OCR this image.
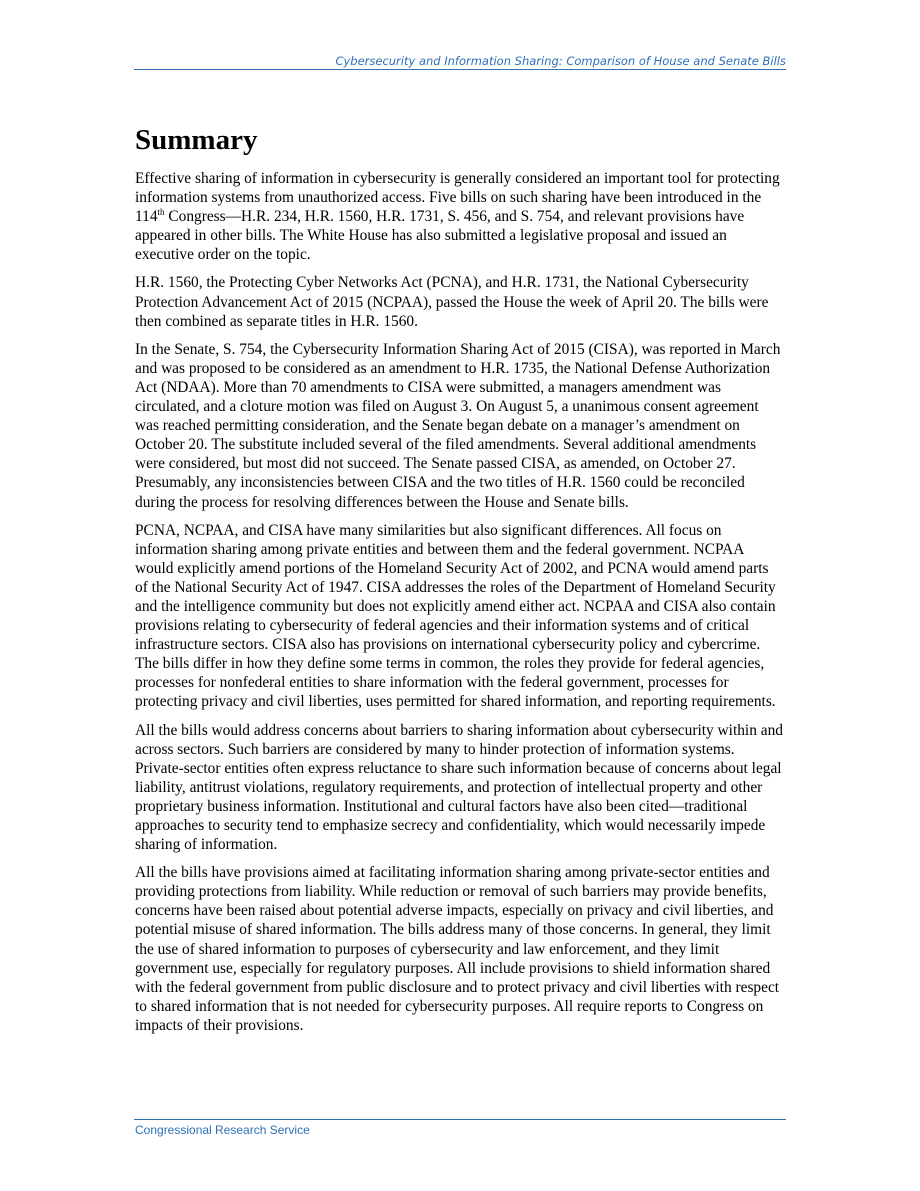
Cybersecurity and Information Sharing: Comparison of House and Senate Bills
Summary

Effective sharing of information in cybersecurity is generally considered an important tool for protecting information systems from unauthorized access. Five bills on such sharing have been introduced in the 114th Congress—H.R. 234, H.R. 1560, H.R. 1731, S. 456, and S. 754, and relevant provisions have appeared in other bills. The White House has also submitted a legislative proposal and issued an executive order on the topic.

H.R. 1560, the Protecting Cyber Networks Act (PCNA), and H.R. 1731, the National Cybersecurity Protection Advancement Act of 2015 (NCPAA), passed the House the week of April 20. The bills were then combined as separate titles in H.R. 1560.

In the Senate, S. 754, the Cybersecurity Information Sharing Act of 2015 (CISA), was reported in March and was proposed to be considered as an amendment to H.R. 1735, the National Defense Authorization Act (NDAA). More than 70 amendments to CISA were submitted, a managers amendment was circulated, and a cloture motion was filed on August 3. On August 5, a unanimous consent agreement was reached permitting consideration, and the Senate began debate on a manager’s amendment on October 20. The substitute included several of the filed amendments. Several additional amendments were considered, but most did not succeed. The Senate passed CISA, as amended, on October 27. Presumably, any inconsistencies between CISA and the two titles of H.R. 1560 could be reconciled during the process for resolving differences between the House and Senate bills.

PCNA, NCPAA, and CISA have many similarities but also significant differences. All focus on information sharing among private entities and between them and the federal government. NCPAA would explicitly amend portions of the Homeland Security Act of 2002, and PCNA would amend parts of the National Security Act of 1947. CISA addresses the roles of the Department of Homeland Security and the intelligence community but does not explicitly amend either act. NCPAA and CISA also contain provisions relating to cybersecurity of federal agencies and their information systems and of critical infrastructure sectors. CISA also has provisions on international cybersecurity policy and cybercrime. The bills differ in how they define some terms in common, the roles they provide for federal agencies, processes for nonfederal entities to share information with the federal government, processes for protecting privacy and civil liberties, uses permitted for shared information, and reporting requirements.

All the bills would address concerns about barriers to sharing information about cybersecurity within and across sectors. Such barriers are considered by many to hinder protection of information systems. Private-sector entities often express reluctance to share such information because of concerns about legal liability, antitrust violations, regulatory requirements, and protection of intellectual property and other proprietary business information. Institutional and cultural factors have also been cited—traditional approaches to security tend to emphasize secrecy and confidentiality, which would necessarily impede sharing of information.

All the bills have provisions aimed at facilitating information sharing among private-sector entities and providing protections from liability. While reduction or removal of such barriers may provide benefits, concerns have been raised about potential adverse impacts, especially on privacy and civil liberties, and potential misuse of shared information. The bills address many of those concerns. In general, they limit the use of shared information to purposes of cybersecurity and law enforcement, and they limit government use, especially for regulatory purposes. All include provisions to shield information shared with the federal government from public disclosure and to protect privacy and civil liberties with respect to shared information that is not needed for cybersecurity purposes. All require reports to Congress on impacts of their provisions.

Congressional Research Service
